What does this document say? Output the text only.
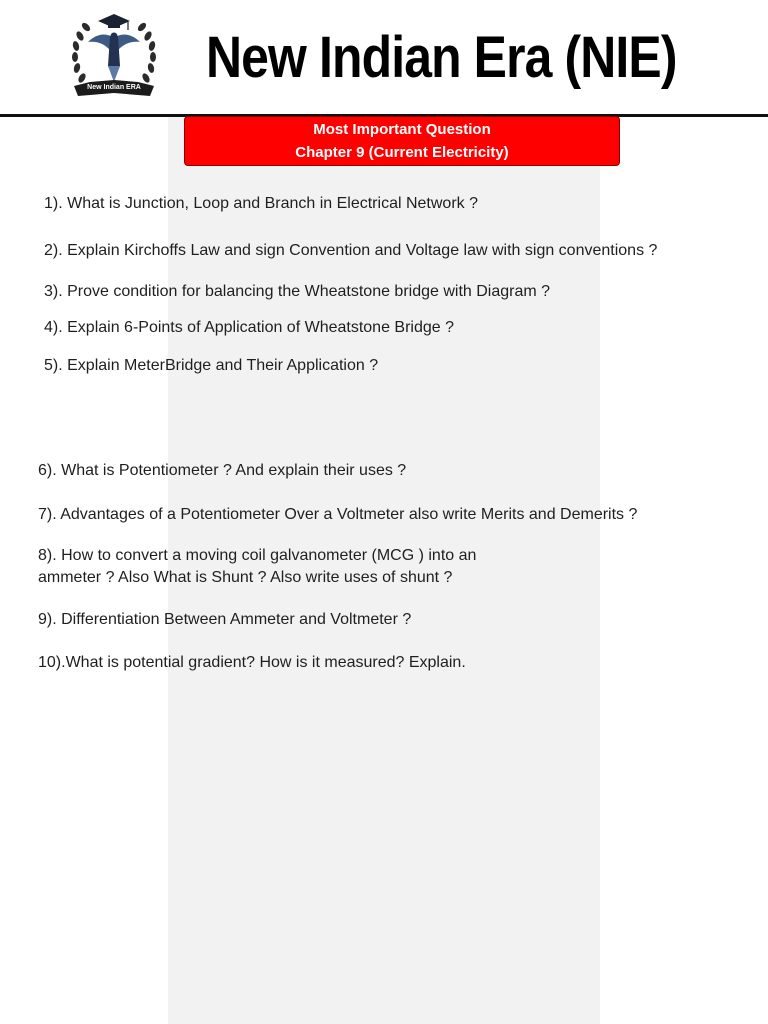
New Indian ERA
(NIE)
New Indian Era (NIE)
Most Important Question
Chapter 9 (Current Electricity)
1). What is Junction, Loop and Branch in Electrical Network ?
2). Explain Kirchoffs Law and sign Convention and Voltage law with sign conventions ?
3). Prove condition for balancing the Wheatstone bridge with Diagram ?
4). Explain 6-Points of Application of Wheatstone Bridge ?
5). Explain MeterBridge and Their Application ?
6). What is Potentiometer ? And explain their uses ?
7). Advantages of a Potentiometer Over a Voltmeter also write Merits and Demerits ?
8). How to convert a moving coil galvanometer (MCG ) into an
ammeter ? Also What is Shunt ? Also write uses of shunt ?
9). Differentiation Between Ammeter and Voltmeter ?
10).What is potential gradient? How is it measured? Explain.
